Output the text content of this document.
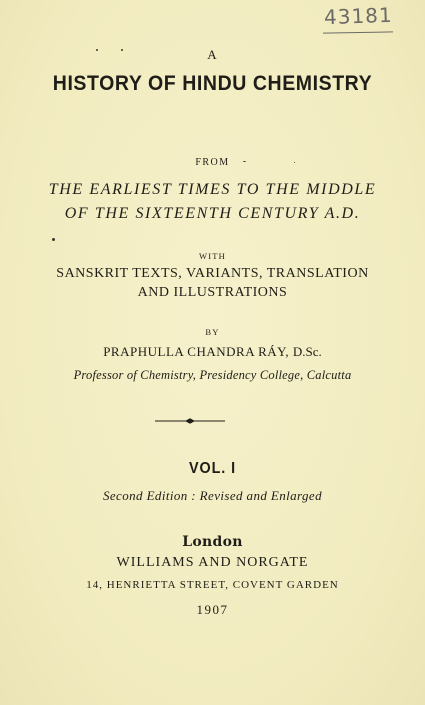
43181
A
HISTORY OF HINDU CHEMISTRY
FROM
THE EARLIEST TIMES TO THE MIDDLE
OF THE SIXTEENTH CENTURY A.D.
WITH
SANSKRIT TEXTS, VARIANTS, TRANSLATION
AND ILLUSTRATIONS
BY
PRAPHULLA CHANDRA RÁY, D.Sc.
Professor of Chemistry, Presidency College, Calcutta
VOL. I
Second Edition : Revised and Enlarged
London
WILLIAMS AND NORGATE
14, HENRIETTA STREET, COVENT GARDEN
1907
